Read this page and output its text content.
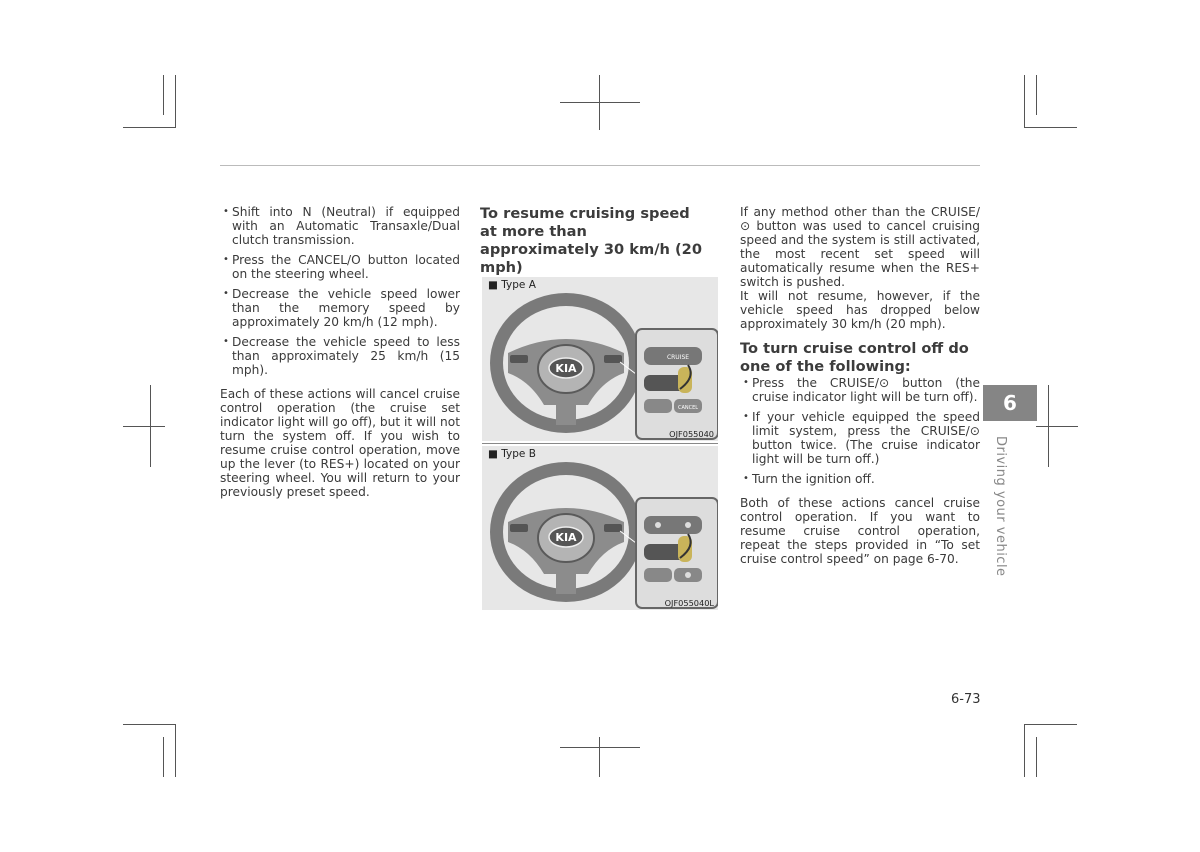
• Shift into N (Neutral) if equipped with an Automatic Transaxle/Dual clutch transmission.
• Press the CANCEL/O button located on the steering wheel.
• Decrease the vehicle speed lower than the memory speed by approximately 20 km/h (12 mph).
• Decrease the vehicle speed to less than approximately 25 km/h (15 mph).

Each of these actions will cancel cruise control operation (the cruise set indicator light will go off), but it will not turn the system off. If you wish to resume cruise control operation, move up the lever (to RES+) located on your steering wheel. You will return to your previously preset speed.

To resume cruising speed at more than approximately 30 km/h (20 mph)
KIA
CRUISE
CANCEL
■ Type A
OJF055040
KIA
■ Type B
OJF055040L

If any method other than the CRUISE/ ⊙ button was used to cancel cruising speed and the system is still activated, the most recent set speed will automatically resume when the RES+ switch is pushed.

It will not resume, however, if the vehicle speed has dropped below approximately 30 km/h (20 mph).

To turn cruise control off do one of the following:
• Press the CRUISE/⊙ button (the cruise indicator light will be turn off).
• If your vehicle equipped the speed limit system, press the CRUISE/⊙ button twice. (The cruise indicator light will be turn off.)
• Turn the ignition off.

Both of these actions cancel cruise control operation. If you want to resume cruise control operation, repeat the steps provided in “To set cruise control speed” on page 6-70.

6
Driving your vehicle
6-73
